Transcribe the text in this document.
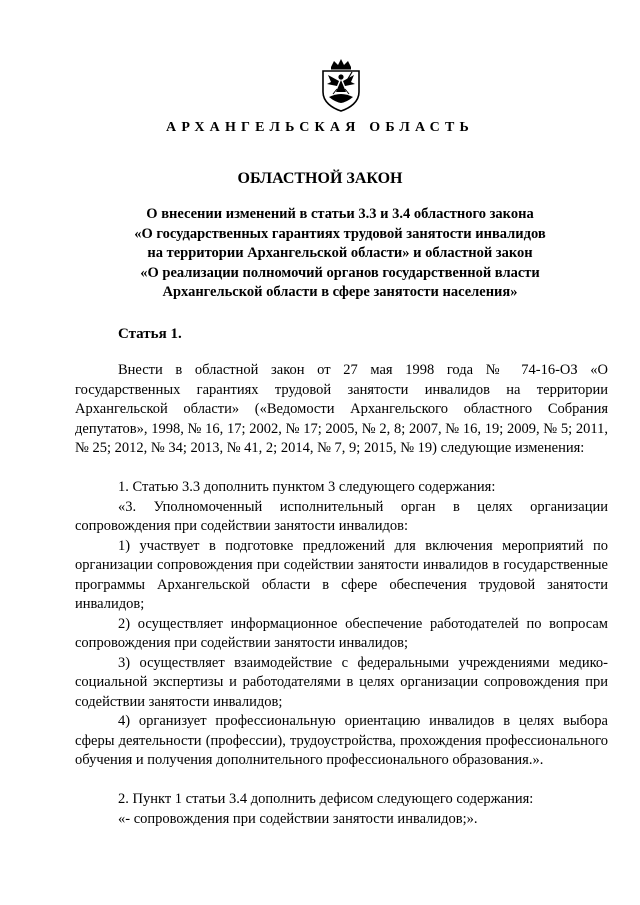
АРХАНГЕЛЬСКАЯ ОБЛАСТЬ
ОБЛАСТНОЙ ЗАКОН
О внесении изменений в статьи 3.3 и 3.4 областного закона
«О государственных гарантиях трудовой занятости инвалидов
на территории Архангельской области» и областной закон
«О реализации полномочий органов государственной власти
Архангельской области в сфере занятости населения»
Статья 1.
Внести в областной закон от 27 мая 1998 года № 74-16-ОЗ «О государственных гарантиях трудовой занятости инвалидов на территории Архангельской области» («Ведомости Архангельского областного Собрания депутатов», 1998, № 16, 17; 2002, № 17; 2005, № 2, 8; 2007, № 16, 19; 2009, № 5; 2011, № 25; 2012, № 34; 2013, № 41, 2; 2014, № 7, 9; 2015, № 19) следующие изменения:
1. Статью 3.3 дополнить пунктом 3 следующего содержания:
«3. Уполномоченный исполнительный орган в целях организации сопровождения при содействии занятости инвалидов:
1) участвует в подготовке предложений для включения мероприятий по организации сопровождения при содействии занятости инвалидов в государственные программы Архангельской области в сфере обеспечения трудовой занятости инвалидов;
2) осуществляет информационное обеспечение работодателей по вопросам сопровождения при содействии занятости инвалидов;
3) осуществляет взаимодействие с федеральными учреждениями медико-социальной экспертизы и работодателями в целях организации сопровождения при содействии занятости инвалидов;
4) организует профессиональную ориентацию инвалидов в целях выбора сферы деятельности (профессии), трудоустройства, прохождения профессионального обучения и получения дополнительного профессионального образования.».
2. Пункт 1 статьи 3.4 дополнить дефисом следующего содержания:
«- сопровождения при содействии занятости инвалидов;».
